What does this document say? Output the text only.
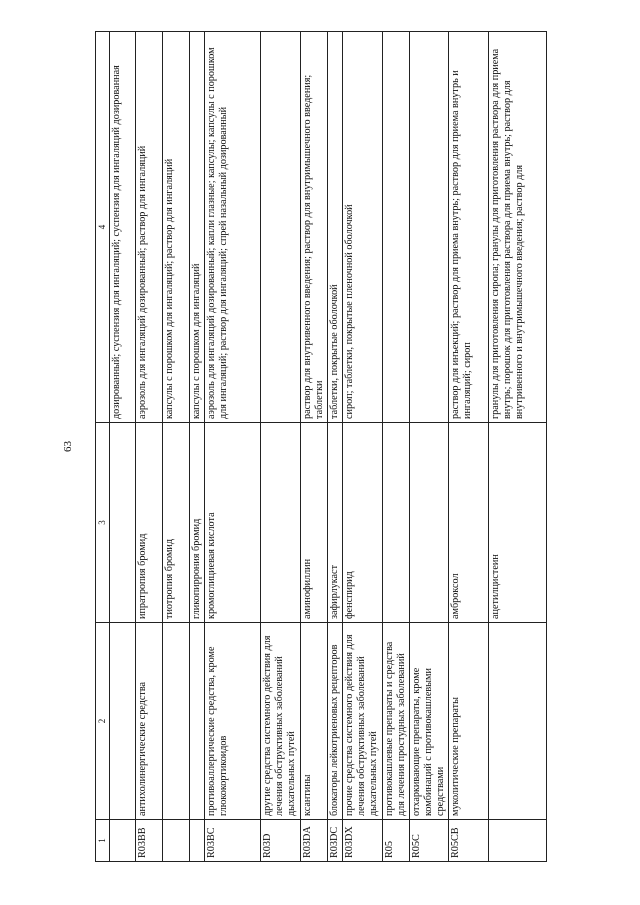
63
1	2	3	4
			дозированный; суспензия для ингаляций; суспензия для ингаляций дозированная
R03BB	антихолинергические средства	ипратропия бромид	аэрозоль для ингаляций дозированный; раствор для ингаляций
		тиотропия бромид	капсулы с порошком для ингаляций; раствор для ингаляций
		гликопиррония бромид	капсулы с порошком для ингаляций
R03BC	противоаллергические средства, кроме глюкокортикоидов	кромоглициевая кислота	аэрозоль для ингаляций дозированный; капли глазные; капсулы; капсулы с порошком для ингаляций; раствор для ингаляций; спрей назальный дозированный
R03D	другие средства системного действия для лечения обструктивных заболеваний дыхательных путей		
R03DA	ксантины	аминофиллин	раствор для внутривенного введения; раствор для внутримышечного введения; таблетки
R03DC	блокаторы лейкотриеновых рецепторов	зафирлукаст	таблетки, покрытые оболочкой
R03DX	прочие средства системного действия для лечения обструктивных заболеваний дыхательных путей	фенспирид	сироп; таблетки, покрытые пленочной оболочкой
R05	противокашлевые препараты и средства для лечения простудных заболеваний		
R05C	отхаркивающие препараты, кроме комбинаций с противокашлевыми средствами		
R05CB	муколитические препараты	амброксол	раствор для инъекций; раствор для приема внутрь; раствор для приема внутрь и ингаляций; сироп
		ацетилцистеин	гранулы для приготовления сиропа; гранулы для приготовления раствора для приема внутрь; порошок для приготовления раствора для приема внутрь; раствор для внутривенного и внутримышечного введения; раствор для
